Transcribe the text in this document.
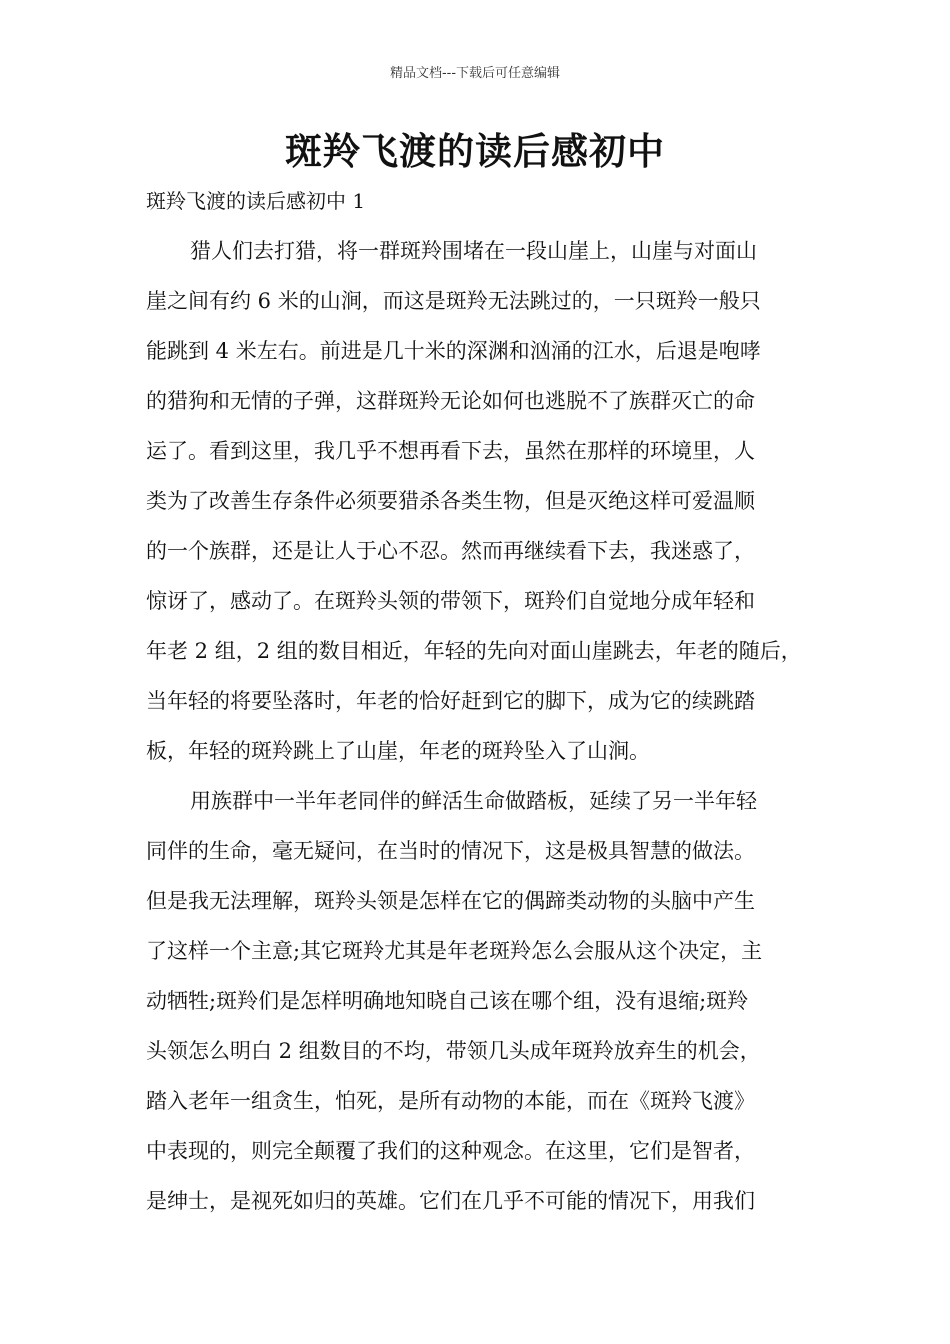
精品文档---下载后可任意编辑
斑羚飞渡的读后感初中
斑羚飞渡的读后感初中 1
猎人们去打猎，将一群斑羚围堵在一段山崖上，山崖与对面山
崖之间有约 6 米的山涧，而这是斑羚无法跳过的，一只斑羚一般只
能跳到 4 米左右。前进是几十米的深渊和汹涌的江水，后退是咆哮
的猎狗和无情的子弹，这群斑羚无论如何也逃脱不了族群灭亡的命
运了。看到这里，我几乎不想再看下去，虽然在那样的环境里，人
类为了改善生存条件必须要猎杀各类生物，但是灭绝这样可爱温顺
的一个族群，还是让人于心不忍。然而再继续看下去，我迷惑了，
惊讶了，感动了。在斑羚头领的带领下，斑羚们自觉地分成年轻和
年老 2 组，2 组的数目相近，年轻的先向对面山崖跳去，年老的随后，
当年轻的将要坠落时，年老的恰好赶到它的脚下，成为它的续跳踏
板，年轻的斑羚跳上了山崖，年老的斑羚坠入了山涧。
用族群中一半年老同伴的鲜活生命做踏板，延续了另一半年轻
同伴的生命，毫无疑问，在当时的情况下，这是极具智慧的做法。
但是我无法理解，斑羚头领是怎样在它的偶蹄类动物的头脑中产生
了这样一个主意;其它斑羚尤其是年老斑羚怎么会服从这个决定，主
动牺牲;斑羚们是怎样明确地知晓自己该在哪个组，没有退缩;斑羚
头领怎么明白 2 组数目的不均，带领几头成年斑羚放弃生的机会，
踏入老年一组贪生，怕死，是所有动物的本能，而在《斑羚飞渡》
中表现的，则完全颠覆了我们的这种观念。在这里，它们是智者，
是绅士，是视死如归的英雄。它们在几乎不可能的情况下，用我们
